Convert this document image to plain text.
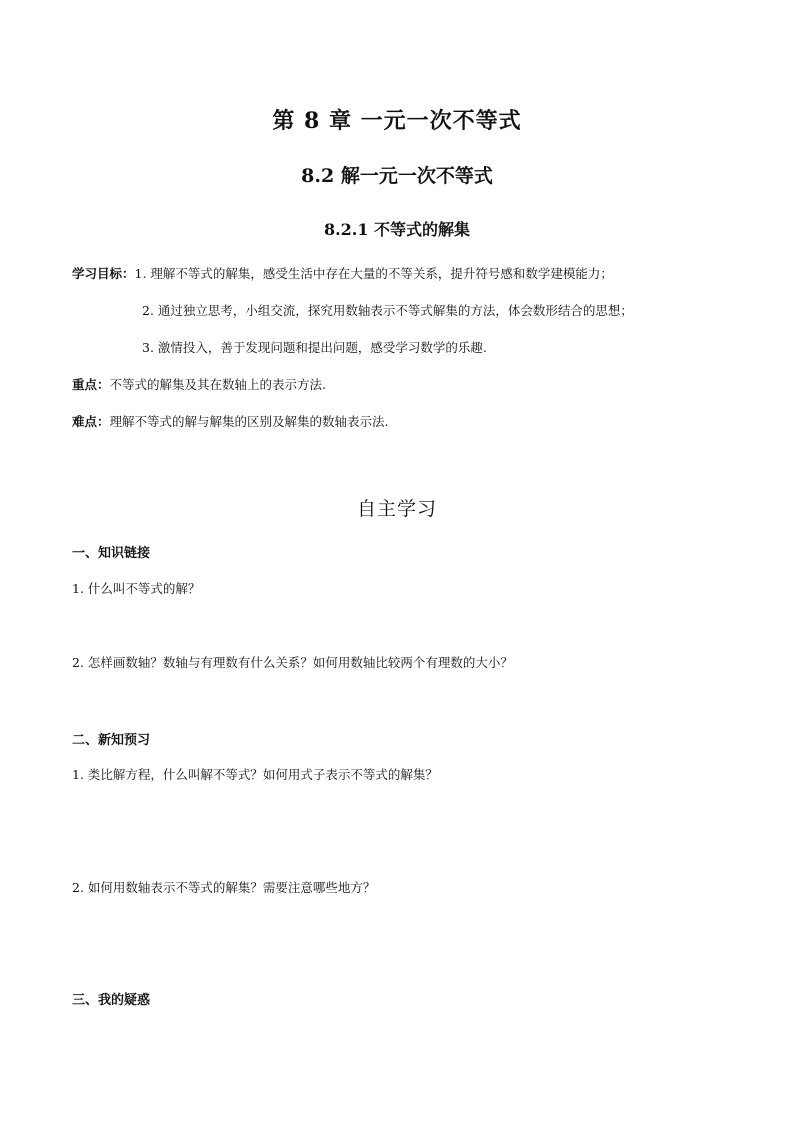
第 8 章 一元一次不等式
8.2 解一元一次不等式
8.2.1 不等式的解集
学习目标：1. 理解不等式的解集，感受生活中存在大量的不等关系，提升符号感和数学建模能力；
2. 通过独立思考，小组交流，探究用数轴表示不等式解集的方法，体会数形结合的思想；
3. 激情投入，善于发现问题和提出问题，感受学习数学的乐趣.
重点：不等式的解集及其在数轴上的表示方法.
难点：理解不等式的解与解集的区别及解集的数轴表示法.
自主学习
一、知识链接
1. 什么叫不等式的解？
2. 怎样画数轴？数轴与有理数有什么关系？如何用数轴比较两个有理数的大小？
二、新知预习
1. 类比解方程，什么叫解不等式？如何用式子表示不等式的解集？
2. 如何用数轴表示不等式的解集？需要注意哪些地方？
三、我的疑惑
